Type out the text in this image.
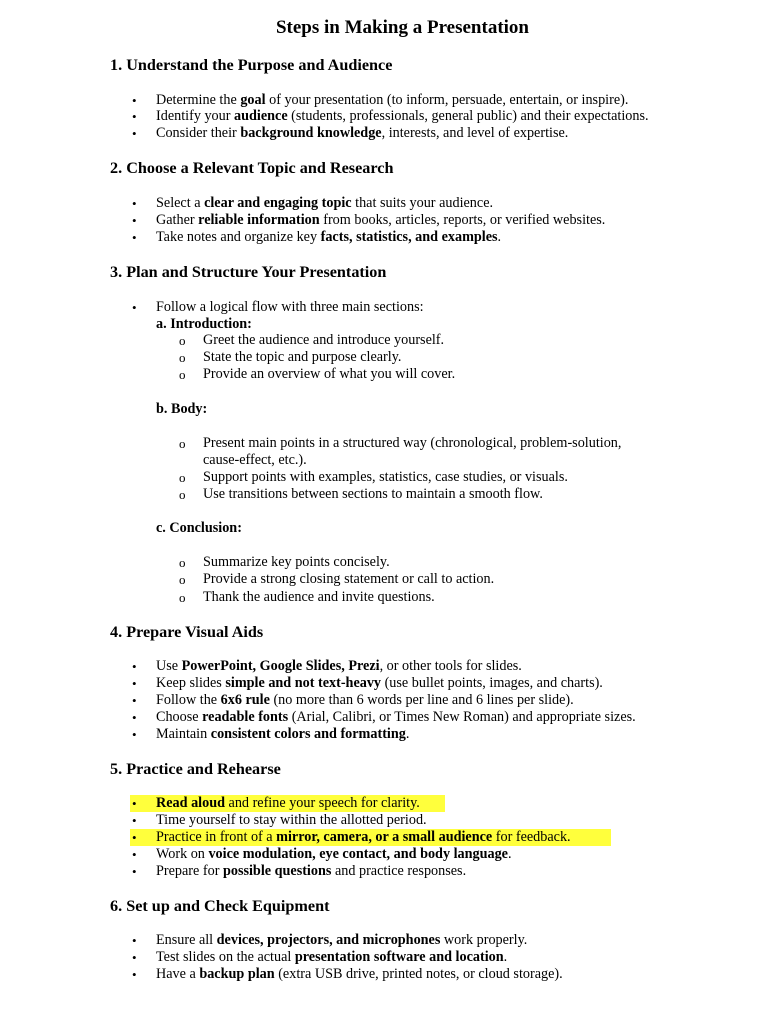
Steps in Making a Presentation
1. Understand the Purpose and Audience
• Determine the goal of your presentation (to inform, persuade, entertain, or inspire).
• Identify your audience (students, professionals, general public) and their expectations.
• Consider their background knowledge, interests, and level of expertise.
2. Choose a Relevant Topic and Research
• Select a clear and engaging topic that suits your audience.
• Gather reliable information from books, articles, reports, or verified websites.
• Take notes and organize key facts, statistics, and examples.
3. Plan and Structure Your Presentation
• Follow a logical flow with three main sections:
a. Introduction:
o Greet the audience and introduce yourself.
o State the topic and purpose clearly.
o Provide an overview of what you will cover.
b. Body:
o Present main points in a structured way (chronological, problem-solution,
cause-effect, etc.).
o Support points with examples, statistics, case studies, or visuals.
o Use transitions between sections to maintain a smooth flow.
c. Conclusion:
o Summarize key points concisely.
o Provide a strong closing statement or call to action.
o Thank the audience and invite questions.
4. Prepare Visual Aids
• Use PowerPoint, Google Slides, Prezi, or other tools for slides.
• Keep slides simple and not text-heavy (use bullet points, images, and charts).
• Follow the 6x6 rule (no more than 6 words per line and 6 lines per slide).
• Choose readable fonts (Arial, Calibri, or Times New Roman) and appropriate sizes.
• Maintain consistent colors and formatting.
5. Practice and Rehearse
• Read aloud and refine your speech for clarity.
• Time yourself to stay within the allotted period.
• Practice in front of a mirror, camera, or a small audience for feedback.
• Work on voice modulation, eye contact, and body language.
• Prepare for possible questions and practice responses.
6. Set up and Check Equipment
• Ensure all devices, projectors, and microphones work properly.
• Test slides on the actual presentation software and location.
• Have a backup plan (extra USB drive, printed notes, or cloud storage).
